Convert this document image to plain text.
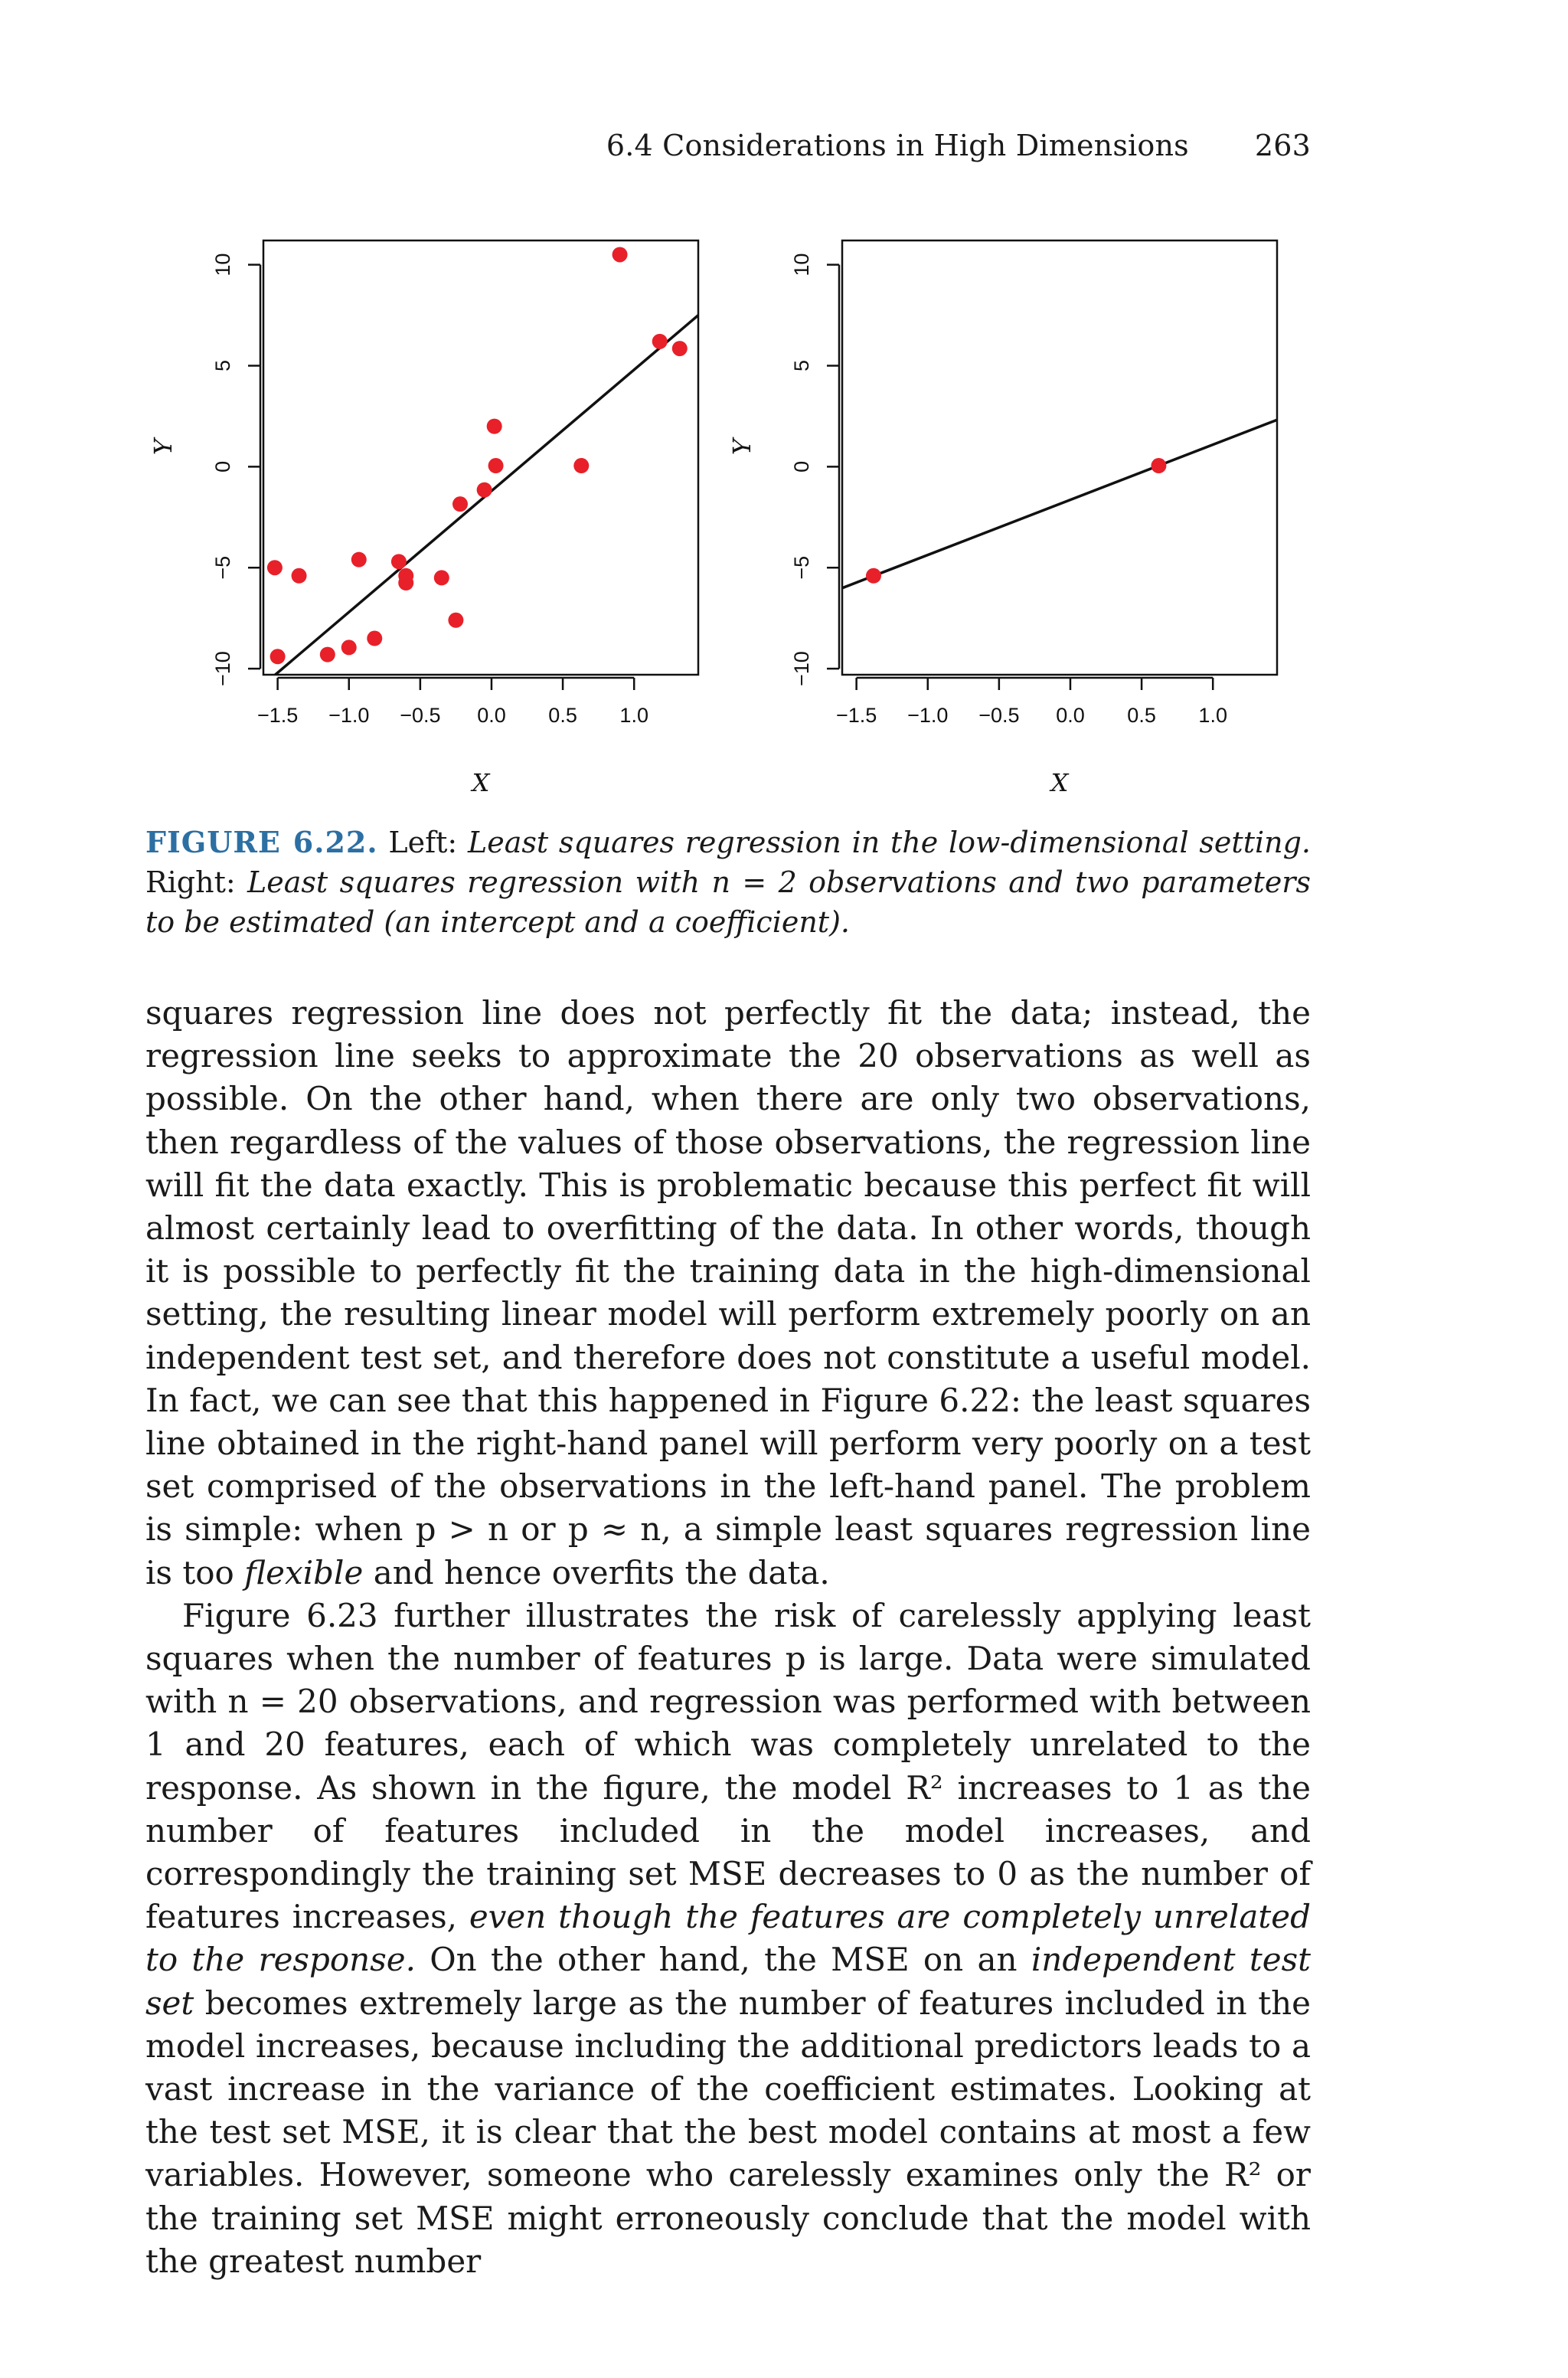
6.4 Considerations in High Dimensions 263
−1.5 −1.0 −0.5 0.0 0.5 1.0
−10
−5
0
5
10
X
Y
−1.5 −1.0 −0.5 0.0 0.5 1.0
−10
−5
0
5
10
X
Y
FIGURE 6.22. Left: Least squares regression in the low-dimensional setting. Right: Least squares regression with n = 2 observations and two parameters to be estimated (an intercept and a coefficient).

squares regression line does not perfectly fit the data; instead, the regression line seeks to approximate the 20 observations as well as possible. On the other hand, when there are only two observations, then regardless of the values of those observations, the regression line will fit the data exactly. This is problematic because this perfect fit will almost certainly lead to overfitting of the data. In other words, though it is possible to perfectly fit the training data in the high-dimensional setting, the resulting linear model will perform extremely poorly on an independent test set, and therefore does not constitute a useful model. In fact, we can see that this happened in Figure 6.22: the least squares line obtained in the right-hand panel will perform very poorly on a test set comprised of the observations in the left-hand panel. The problem is simple: when p > n or p ≈ n, a simple least squares regression line is too flexible and hence overfits the data.

Figure 6.23 further illustrates the risk of carelessly applying least squares when the number of features p is large. Data were simulated with n = 20 observations, and regression was performed with between 1 and 20 features, each of which was completely unrelated to the response. As shown in the figure, the model R² increases to 1 as the number of features included in the model increases, and correspondingly the training set MSE decreases to 0 as the number of features increases, even though the features are completely unrelated to the response. On the other hand, the MSE on an independent test set becomes extremely large as the number of features included in the model increases, because including the additional predictors leads to a vast increase in the variance of the coefficient estimates. Looking at the test set MSE, it is clear that the best model contains at most a few variables. However, someone who carelessly examines only the R² or the training set MSE might erroneously conclude that the model with the greatest number
